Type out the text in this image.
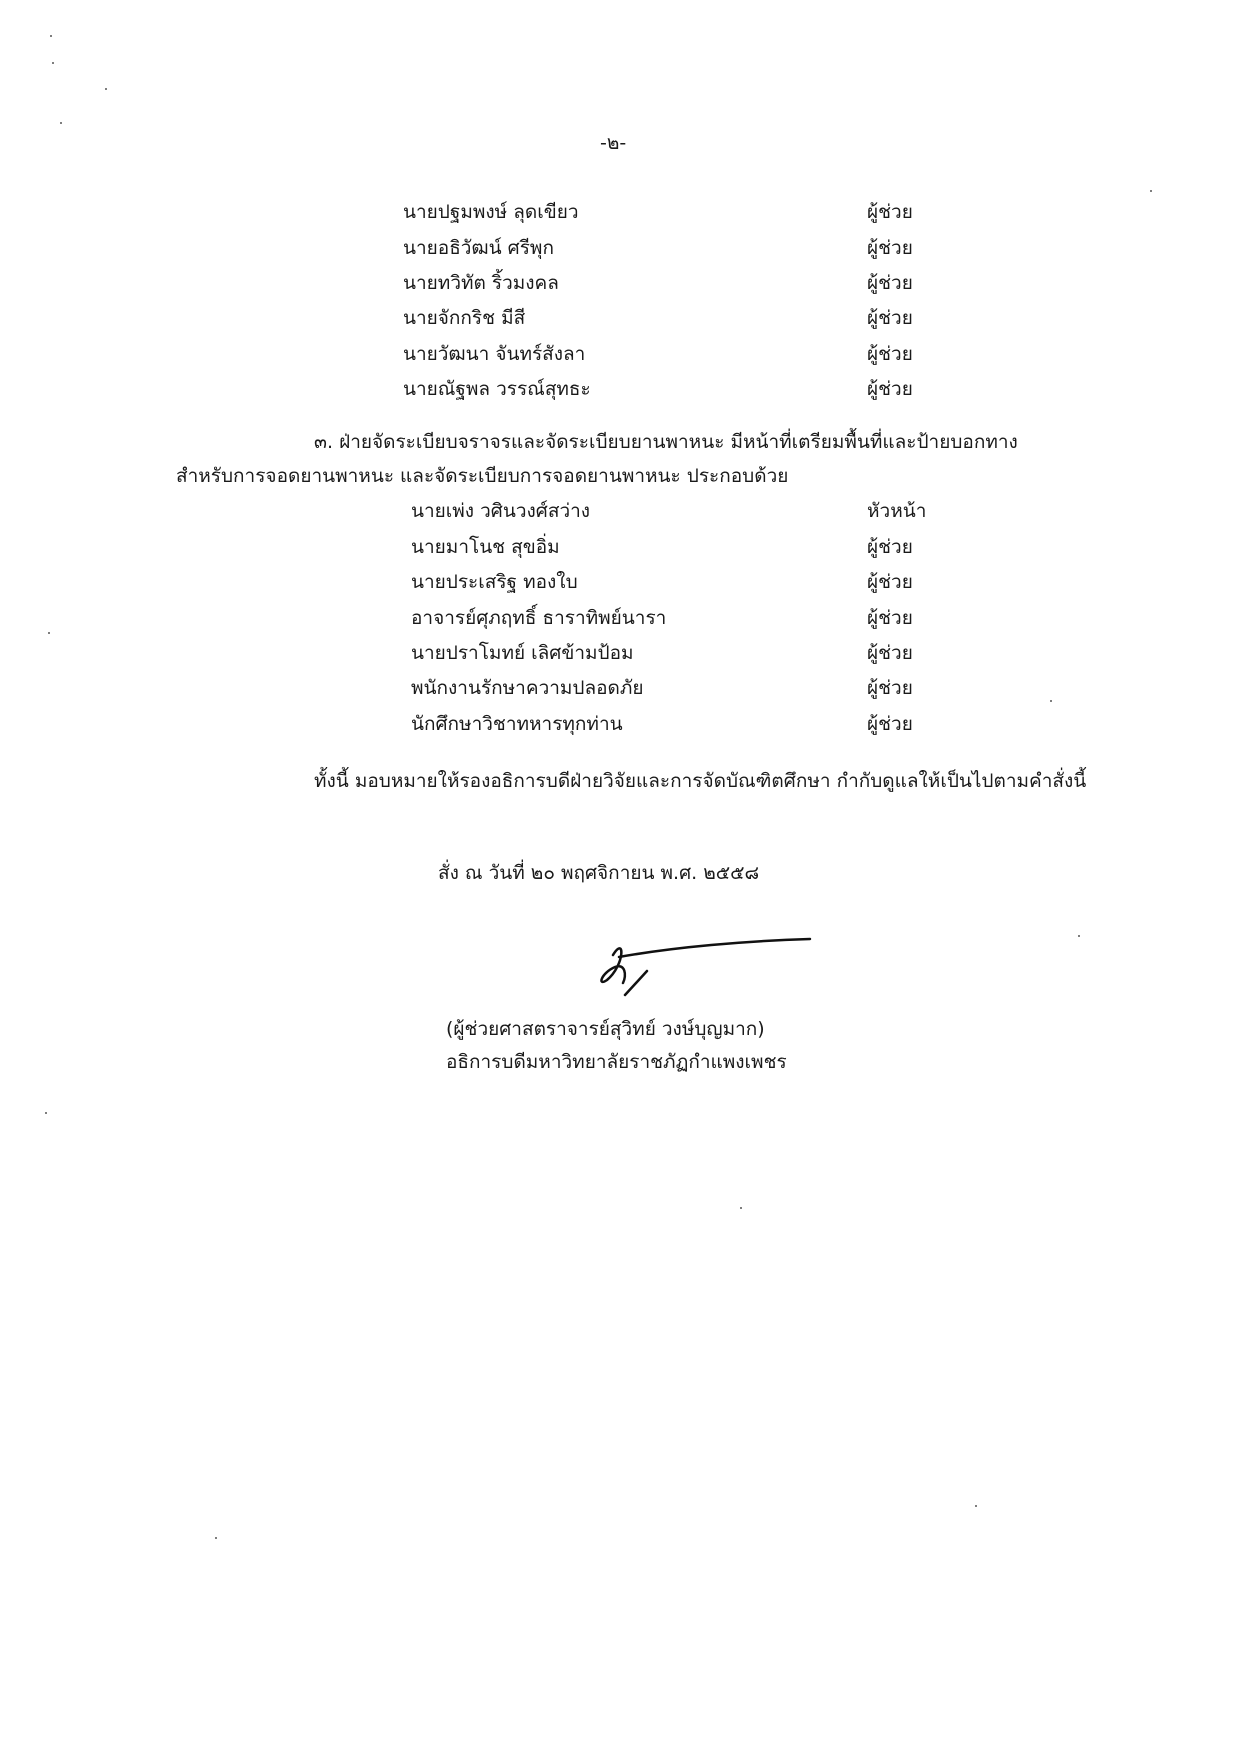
-๒-
นายปฐมพงษ์ ลุดเขียว	ผู้ช่วย
นายอธิวัฒน์ ศรีพุก	ผู้ช่วย
นายทวิทัต ริ้วมงคล	ผู้ช่วย
นายจักกริช มีสี	ผู้ช่วย
นายวัฒนา จันทร์สังลา	ผู้ช่วย
นายณัฐพล วรรณ์สุทธะ	ผู้ช่วย
๓. ฝ่ายจัดระเบียบจราจรและจัดระเบียบยานพาหนะ มีหน้าที่เตรียมพื้นที่และป้ายบอกทาง
สำหรับการจอดยานพาหนะ และจัดระเบียบการจอดยานพาหนะ ประกอบด้วย
นายเพ่ง วศินวงศ์สว่าง	หัวหน้า
นายมาโนช สุขอิ่ม	ผู้ช่วย
นายประเสริฐ ทองใบ	ผู้ช่วย
อาจารย์ศุภฤทธิ์ ธาราทิพย์นารา	ผู้ช่วย
นายปราโมทย์ เลิศข้ามป้อม	ผู้ช่วย
พนักงานรักษาความปลอดภัย	ผู้ช่วย
นักศึกษาวิชาทหารทุกท่าน	ผู้ช่วย
ทั้งนี้ มอบหมายให้รองอธิการบดีฝ่ายวิจัยและการจัดบัณฑิตศึกษา กำกับดูแลให้เป็นไปตามคำสั่งนี้
สั่ง ณ วันที่ ๒๐ พฤศจิกายน พ.ศ. ๒๕๕๘
(ผู้ช่วยศาสตราจารย์สุวิทย์ วงษ์บุญมาก)
อธิการบดีมหาวิทยาลัยราชภัฏกำแพงเพชร
